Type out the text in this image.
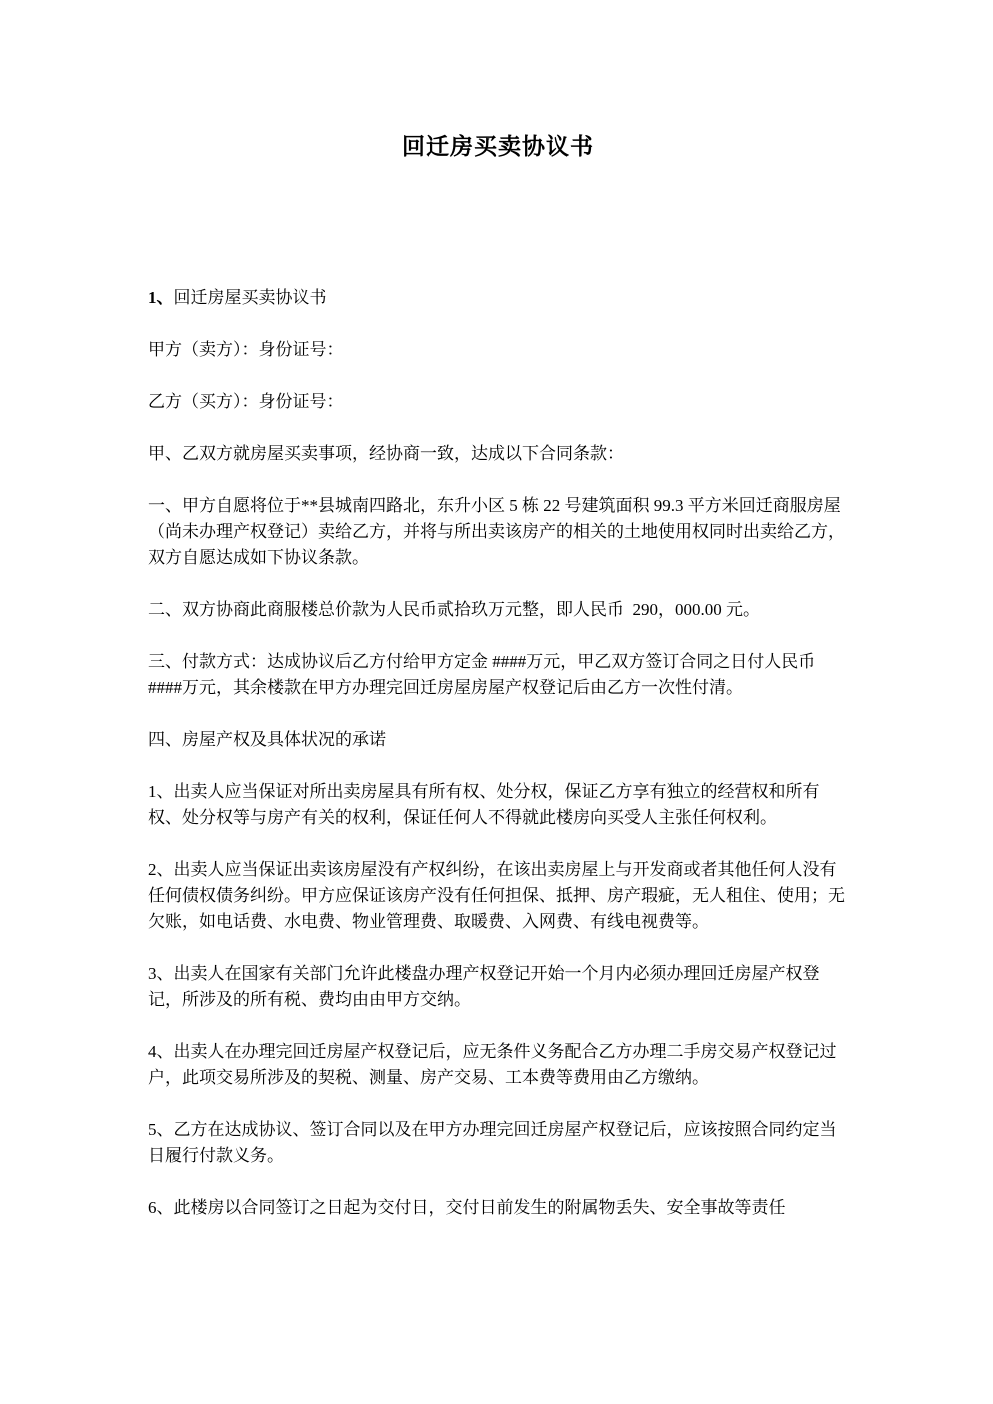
回迁房买卖协议书

1、回迁房屋买卖协议书

甲方（卖方）：身份证号：

乙方（买方）：身份证号：

甲、乙双方就房屋买卖事项，经协商一致，达成以下合同条款：

一、甲方自愿将位于**县城南四路北，东升小区 5 栋 22 号建筑面积 99.3 平方米回迁商服房屋（尚未办理产权登记）卖给乙方，并将与所出卖该房产的相关的土地使用权同时出卖给乙方，双方自愿达成如下协议条款。

二、双方协商此商服楼总价款为人民币贰拾玖万元整，即人民币  290，000.00 元。

三、付款方式：达成协议后乙方付给甲方定金 ####万元，甲乙双方签订合同之日付人民币####万元，其余楼款在甲方办理完回迁房屋房屋产权登记后由乙方一次性付清。

四、房屋产权及具体状况的承诺

1、出卖人应当保证对所出卖房屋具有所有权、处分权，保证乙方享有独立的经营权和所有权、处分权等与房产有关的权利，保证任何人不得就此楼房向买受人主张任何权利。

2、出卖人应当保证出卖该房屋没有产权纠纷，在该出卖房屋上与开发商或者其他任何人没有任何债权债务纠纷。甲方应保证该房产没有任何担保、抵押、房产瑕疵，无人租住、使用；无欠账，如电话费、水电费、物业管理费、取暖费、入网费、有线电视费等。

3、出卖人在国家有关部门允许此楼盘办理产权登记开始一个月内必须办理回迁房屋产权登记，所涉及的所有税、费均由由甲方交纳。

4、出卖人在办理完回迁房屋产权登记后，应无条件义务配合乙方办理二手房交易产权登记过户，此项交易所涉及的契税、测量、房产交易、工本费等费用由乙方缴纳。

5、乙方在达成协议、签订合同以及在甲方办理完回迁房屋产权登记后，应该按照合同约定当日履行付款义务。

6、此楼房以合同签订之日起为交付日，交付日前发生的附属物丢失、安全事故等责任
